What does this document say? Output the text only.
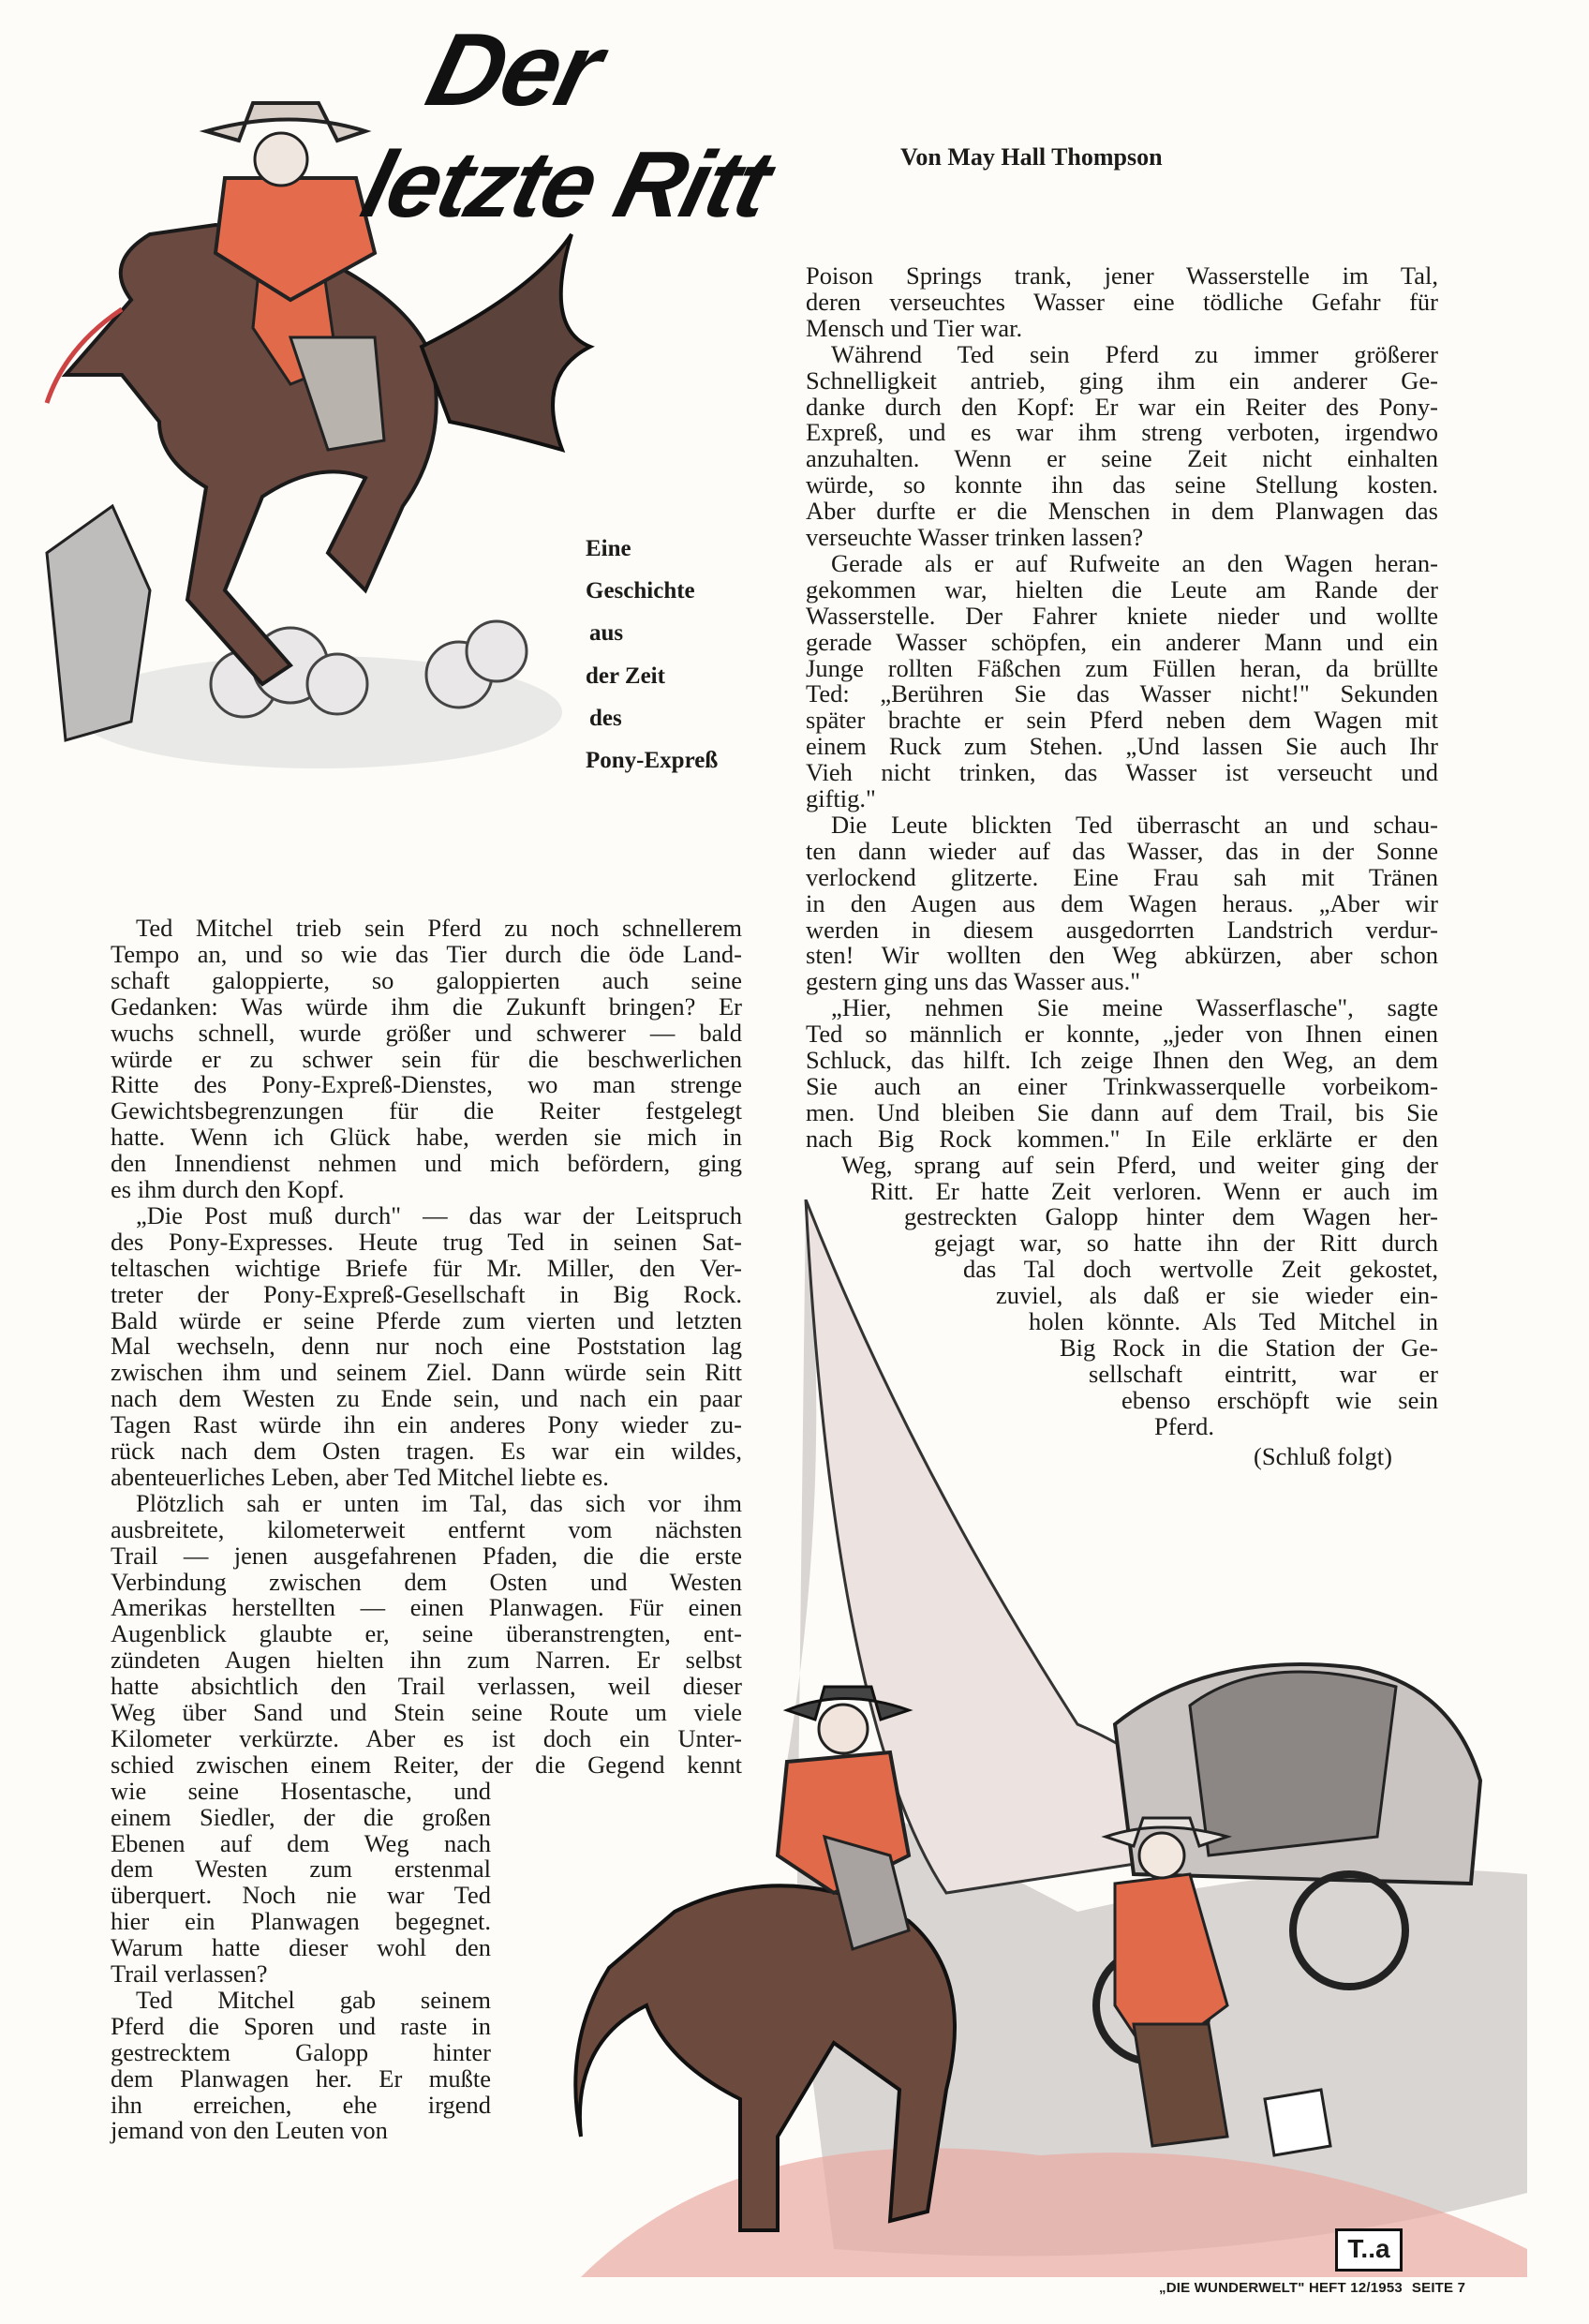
Der
letzte Ritt	Von May Hall Thompson
Eine
Geschichte
aus
der Zeit
des
Pony-Expreß
Ted Mitchel trieb sein Pferd zu noch schnellerem
Tempo an, und so wie das Tier durch die öde Land-
schaft galoppierte, so galoppierten auch seine
Gedanken: Was würde ihm die Zukunft bringen? Er
wuchs schnell, wurde größer und schwerer — bald
würde er zu schwer sein für die beschwerlichen
Ritte des Pony-Expreß-Dienstes, wo man strenge
Gewichtsbegrenzungen für die Reiter festgelegt
hatte. Wenn ich Glück habe, werden sie mich in
den Innendienst nehmen und mich befördern, ging
es ihm durch den Kopf.
„Die Post muß durch" — das war der Leitspruch
des Pony-Expresses. Heute trug Ted in seinen Sat-
teltaschen wichtige Briefe für Mr. Miller, den Ver-
treter der Pony-Expreß-Gesellschaft in Big Rock.
Bald würde er seine Pferde zum vierten und letzten
Mal wechseln, denn nur noch eine Poststation lag
zwischen ihm und seinem Ziel. Dann würde sein Ritt
nach dem Westen zu Ende sein, und nach ein paar
Tagen Rast würde ihn ein anderes Pony wieder zu-
rück nach dem Osten tragen. Es war ein wildes,
abenteuerliches Leben, aber Ted Mitchel liebte es.
Plötzlich sah er unten im Tal, das sich vor ihm
ausbreitete, kilometerweit entfernt vom nächsten
Trail — jenen ausgefahrenen Pfaden, die die erste
Verbindung zwischen dem Osten und Westen
Amerikas herstellten — einen Planwagen. Für einen
Augenblick glaubte er, seine überanstrengten, ent-
zündeten Augen hielten ihn zum Narren. Er selbst
hatte absichtlich den Trail verlassen, weil dieser
Weg über Sand und Stein seine Route um viele
Kilometer verkürzte. Aber es ist doch ein Unter-
schied zwischen einem Reiter, der die Gegend kennt
wie seine Hosentasche, und
einem Siedler, der die großen
Ebenen auf dem Weg nach
dem Westen zum erstenmal
überquert. Noch nie war Ted
hier ein Planwagen begegnet.
Warum hatte dieser wohl den
Trail verlassen?
Ted Mitchel gab seinem
Pferd die Sporen und raste in
gestrecktem Galopp hinter
dem Planwagen her. Er mußte
ihn erreichen, ehe irgend
jemand von den Leuten von
Poison Springs trank, jener Wasserstelle im Tal,
deren verseuchtes Wasser eine tödliche Gefahr für
Mensch und Tier war.
Während Ted sein Pferd zu immer größerer
Schnelligkeit antrieb, ging ihm ein anderer Ge-
danke durch den Kopf: Er war ein Reiter des Pony-
Expreß, und es war ihm streng verboten, irgendwo
anzuhalten. Wenn er seine Zeit nicht einhalten
würde, so konnte ihn das seine Stellung kosten.
Aber durfte er die Menschen in dem Planwagen das
verseuchte Wasser trinken lassen?
Gerade als er auf Rufweite an den Wagen heran-
gekommen war, hielten die Leute am Rande der
Wasserstelle. Der Fahrer kniete nieder und wollte
gerade Wasser schöpfen, ein anderer Mann und ein
Junge rollten Fäßchen zum Füllen heran, da brüllte
Ted: „Berühren Sie das Wasser nicht!" Sekunden
später brachte er sein Pferd neben dem Wagen mit
einem Ruck zum Stehen. „Und lassen Sie auch Ihr
Vieh nicht trinken, das Wasser ist verseucht und
giftig."
Die Leute blickten Ted überrascht an und schau-
ten dann wieder auf das Wasser, das in der Sonne
verlockend glitzerte. Eine Frau sah mit Tränen
in den Augen aus dem Wagen heraus. „Aber wir
werden in diesem ausgedorrten Landstrich verdur-
sten! Wir wollten den Weg abkürzen, aber schon
gestern ging uns das Wasser aus."
„Hier, nehmen Sie meine Wasserflasche", sagte
Ted so männlich er konnte, „jeder von Ihnen einen
Schluck, das hilft. Ich zeige Ihnen den Weg, an dem
Sie auch an einer Trinkwasserquelle vorbeikom-
men. Und bleiben Sie dann auf dem Trail, bis Sie
nach Big Rock kommen." In Eile erklärte er den
Weg, sprang auf sein Pferd, und weiter ging der
Ritt. Er hatte Zeit verloren. Wenn er auch im
gestreckten Galopp hinter dem Wagen her-
gejagt war, so hatte ihn der Ritt durch
das Tal doch wertvolle Zeit gekostet,
zuviel, als daß er sie wieder ein-
holen könnte. Als Ted Mitchel in
Big Rock in die Station der Ge-
sellschaft eintritt, war er
ebenso erschöpft wie sein
Pferd.
(Schluß folgt)
T..a
„DIE WUNDERWELT" HEFT 12/1953 SEITE 7
